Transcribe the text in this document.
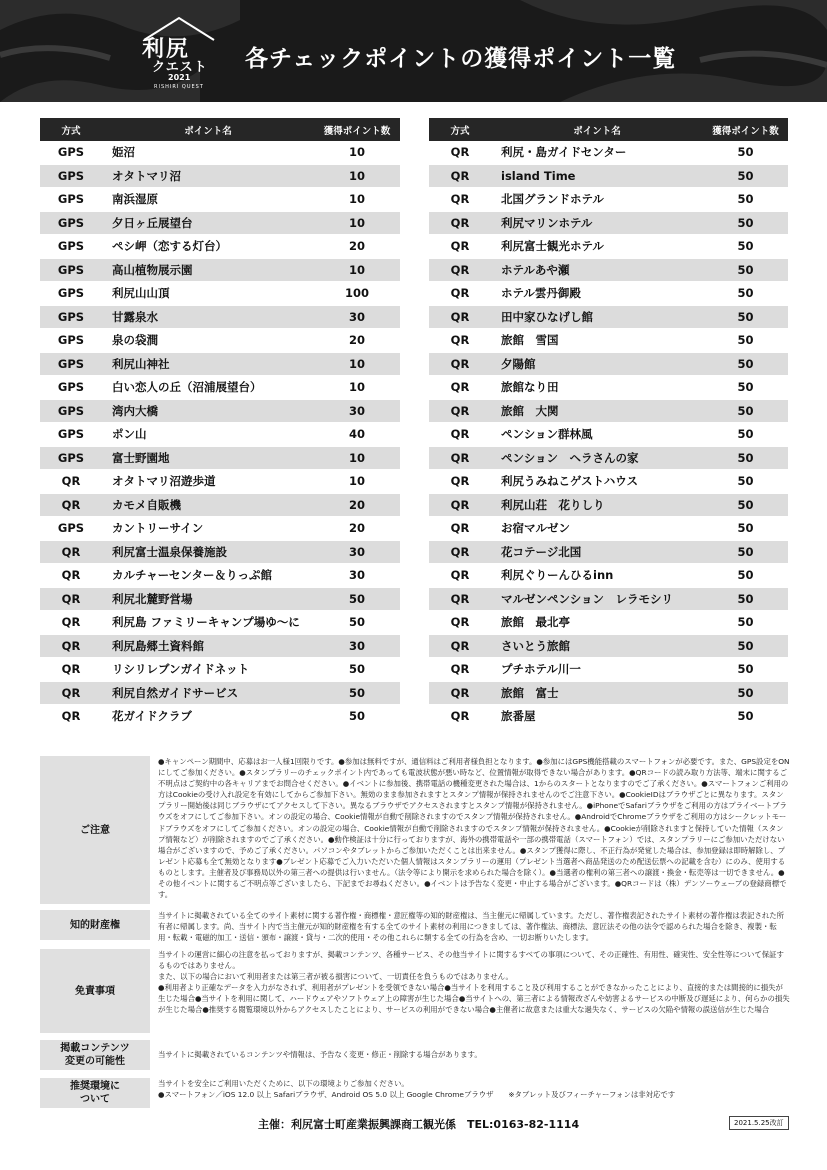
利尻
クエスト
2021
RISHIRI QUEST
各チェックポイントの獲得ポイント一覧
方式	ポイント名	獲得ポイント数
GPS	姫沼	10
GPS	オタトマリ沼	10
GPS	南浜湿原	10
GPS	夕日ヶ丘展望台	10
GPS	ペシ岬（恋する灯台）	20
GPS	高山植物展示園	10
GPS	利尻山山頂	100
GPS	甘露泉水	30
GPS	泉の袋澗	20
GPS	利尻山神社	10
GPS	白い恋人の丘（沼浦展望台）	10
GPS	湾内大橋	30
GPS	ポン山	40
GPS	富士野園地	10
QR	オタトマリ沼遊歩道	10
QR	カモメ自販機	20
GPS	カントリーサイン	20
QR	利尻富士温泉保養施設	30
QR	カルチャーセンター＆りっぷ館	30
QR	利尻北麓野営場	50
QR	利尻島 ファミリーキャンプ場ゆ～に	50
QR	利尻島郷土資料館	30
QR	リシリレブンガイドネット	50
QR	利尻自然ガイドサービス	50
QR	花ガイドクラブ	50
方式	ポイント名	獲得ポイント数
QR	利尻・島ガイドセンター	50
QR	island Time	50
QR	北国グランドホテル	50
QR	利尻マリンホテル	50
QR	利尻富士観光ホテル	50
QR	ホテルあや瀬	50
QR	ホテル雲丹御殿	50
QR	田中家ひなげし館	50
QR	旅館　雪国	50
QR	夕陽館	50
QR	旅館なり田	50
QR	旅館　大関	50
QR	ペンション群林風	50
QR	ペンション　ヘラさんの家	50
QR	利尻うみねこゲストハウス	50
QR	利尻山荘　花りしり	50
QR	お宿マルゼン	50
QR	花コテージ北国	50
QR	利尻ぐりーんひるinn	50
QR	マルゼンペンション　レラモシリ	50
QR	旅館　最北亭	50
QR	さいとう旅館	50
QR	プチホテル川一	50
QR	旅館　富士	50
QR	旅番屋	50
ご注意
●キャンペーン期間中、応募はお一人様1回限りです。●参加は無料ですが、通信料はご利用者様負担となります。●参加にはGPS機能搭載のスマートフォンが必要です。また、GPS設定をONにしてご参加ください。●スタンプラリーのチェックポイント内であっても電波状態が悪い時など、位置情報が取得できない場合があります。●QRコードの読み取り方法等、端末に関するご不明点はご契約中の各キャリアまでお問合せください。●イベントに参加後、携帯電話の機種変更された場合は、1からのスタートとなりますのでご了承ください。●スマートフォンご利用の方はCookieの受け入れ設定を有効にしてからご参加下さい。無効のまま参加されますとスタンプ情報が保持されませんのでご注意下さい。●CookieIDはブラウザごとに異なります。スタンプラリー開始後は同じブラウザにてアクセスして下さい。異なるブラウザでアクセスされますとスタンプ情報が保持されません。●iPhoneでSafariブラウザをご利用の方はプライベートブラウズをオフにしてご参加下さい。オンの設定の場合、Cookie情報が自動で削除されますのでスタンプ情報が保持されません。●AndroidでChromeブラウザをご利用の方はシークレットモードブラウズをオフにしてご参加ください。オンの設定の場合、Cookie情報が自動で削除されますのでスタンプ情報が保持されません。●Cookieが削除されますと保持していた情報（スタンプ情報など）が削除されますのでご了承ください。●動作検証は十分に行っておりますが、海外の携帯電話や一部の携帯電話（スマートフォン）では、スタンプラリーにご参加いただけない場合がございますので、予めご了承ください。パソコンやタブレットからご参加いただくことは出来ません。●スタンプ獲得に際し、不正行為が発覚した場合は、参加登録は即時解除し、プレゼント応募も全て無効となります●プレゼント応募でご入力いただいた個人情報はスタンプラリーの運用（プレゼント当選者へ商品発送のため配送伝票への記載を含む）にのみ、使用するものとします。主催者及び事務局以外の第三者への提供は行いません。（法令等により開示を求められた場合を除く）。●当選者の権利の第三者への譲渡・換金・転売等は一切できません。●その他イベントに関するご不明点等ございましたら、下記までお尋ねください。●イベントは予告なく変更・中止する場合がございます。●QRコードは（株）デンソーウェーブの登録商標です。
知的財産権
当サイトに掲載されている全てのサイト素材に関する著作権・商標権・意匠権等の知的財産権は、当主催元に帰属しています。ただし、著作権表記されたサイト素材の著作権は表記された所有者に帰属します。尚、当サイト内で当主催元が知的財産権を有する全てのサイト素材の利用につきましては、著作権法、商標法、意匠法その他の法令で認められた場合を除き、複製・転用・転載・電磁的加工・送信・頒布・譲渡・貸与・二次的使用・その他これらに類する全ての行為を含め、一切お断りいたします。
免責事項
当サイトの運営に細心の注意を払っておりますが、掲載コンテンツ、各種サービス、その他当サイトに関するすべての事項について、その正確性、有用性、確実性、安全性等について保証するものではありません。
また、以下の場合において利用者または第三者が被る損害について、一切責任を負うものではありません。
●利用者より正確なデータを入力がなされず、利用者がプレゼントを受領できない場合●当サイトを利用すること及び利用することができなかったことにより、直接的または間接的に損失が生じた場合●当サイトを利用に関して、ハードウェアやソフトウェア上の障害が生じた場合●当サイトへの、第三者による情報改ざんや妨害よるサービスの中断及び遅延により、何らかの損失が生じた場合●推奨する閲覧環境以外からアクセスしたことにより、サービスの利用ができない場合●主催者に故意または重大な過失なく、サービスの欠陥や情報の誤送信が生じた場合
掲載コンテンツ
変更の可能性
当サイトに掲載されているコンテンツや情報は、予告なく変更・修正・削除する場合があります。
推奨環境に
ついて
当サイトを安全にご利用いただくために、以下の環境よりご参加ください。
●スマートフォン／iOS 12.0 以上 Safariブラウザ、Android OS 5.0 以上 Google Chromeブラウザ　　※タブレット及びフィーチャーフォンは非対応です
主催：利尻富士町産業振興課商工観光係　TEL:0163-82-1114	2021.5.25改訂
